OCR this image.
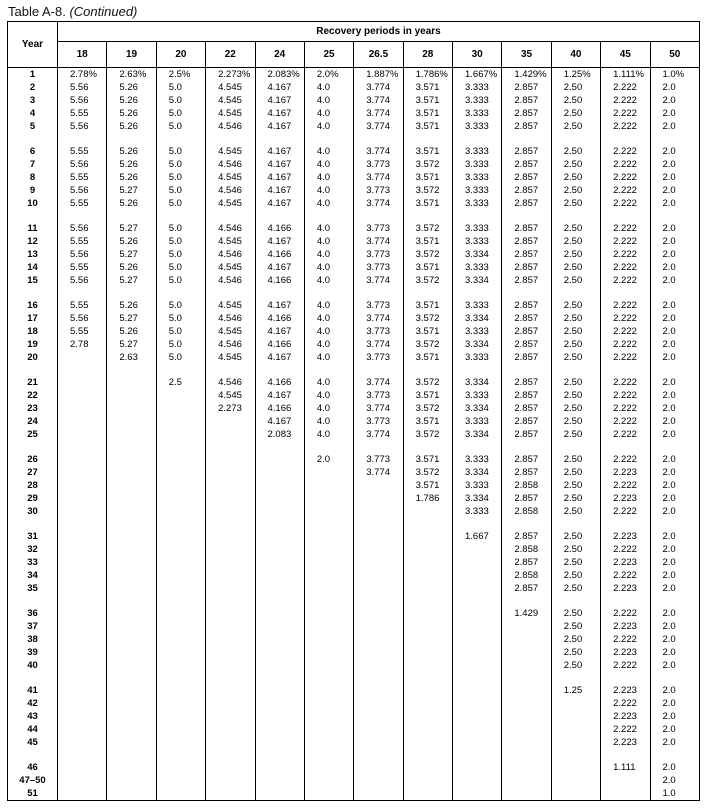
Table A-8. (Continued)
Year	Recovery periods in years												
	18	19	20	22	24	25	26.5	28	30	35	40	45	50
1	2.78%	2.63%	2.5%	2.273%	2.083%	2.0%	1.887%	1.786%	1.667%	1.429%	1.25%	1.111%	1.0%
2	5.56	5.26	5.0	4.545	4.167	4.0	3.774	3.571	3.333	2.857	2.50	2.222	2.0
3	5.56	5.26	5.0	4.545	4.167	4.0	3.774	3.571	3.333	2.857	2.50	2.222	2.0
4	5.55	5.26	5.0	4.545	4.167	4.0	3.774	3.571	3.333	2.857	2.50	2.222	2.0
5	5.56	5.26	5.0	4.546	4.167	4.0	3.774	3.571	3.333	2.857	2.50	2.222	2.0

6	5.55	5.26	5.0	4.545	4.167	4.0	3.774	3.571	3.333	2.857	2.50	2.222	2.0
7	5.56	5.26	5.0	4.546	4.167	4.0	3.773	3.572	3.333	2.857	2.50	2.222	2.0
8	5.55	5.26	5.0	4.545	4.167	4.0	3.774	3.571	3.333	2.857	2.50	2.222	2.0
9	5.56	5.27	5.0	4.546	4.167	4.0	3.773	3.572	3.333	2.857	2.50	2.222	2.0
10	5.55	5.26	5.0	4.545	4.167	4.0	3.774	3.571	3.333	2.857	2.50	2.222	2.0

11	5.56	5.27	5.0	4.546	4.166	4.0	3.773	3.572	3.333	2.857	2.50	2.222	2.0
12	5.55	5.26	5.0	4.545	4.167	4.0	3.774	3.571	3.333	2.857	2.50	2.222	2.0
13	5.56	5.27	5.0	4.546	4.166	4.0	3.773	3.572	3.334	2.857	2.50	2.222	2.0
14	5.55	5.26	5.0	4.545	4.167	4.0	3.773	3.571	3.333	2.857	2.50	2.222	2.0
15	5.56	5.27	5.0	4.546	4.166	4.0	3.774	3.572	3.334	2.857	2.50	2.222	2.0

16	5.55	5.26	5.0	4.545	4.167	4.0	3.773	3.571	3.333	2.857	2.50	2.222	2.0
17	5.56	5.27	5.0	4.546	4.166	4.0	3.774	3.572	3.334	2.857	2.50	2.222	2.0
18	5.55	5.26	5.0	4.545	4.167	4.0	3.773	3.571	3.333	2.857	2.50	2.222	2.0
19	2.78	5.27	5.0	4.546	4.166	4.0	3.774	3.572	3.334	2.857	2.50	2.222	2.0
20		2.63	5.0	4.545	4.167	4.0	3.773	3.571	3.333	2.857	2.50	2.222	2.0

21			2.5	4.546	4.166	4.0	3.774	3.572	3.334	2.857	2.50	2.222	2.0
22				4.545	4.167	4.0	3.773	3.571	3.333	2.857	2.50	2.222	2.0
23				2.273	4.166	4.0	3.774	3.572	3.334	2.857	2.50	2.222	2.0
24					4.167	4.0	3.773	3.571	3.333	2.857	2.50	2.222	2.0
25					2.083	4.0	3.774	3.572	3.334	2.857	2.50	2.222	2.0

26						2.0	3.773	3.571	3.333	2.857	2.50	2.222	2.0
27							3.774	3.572	3.334	2.857	2.50	2.223	2.0
28								3.571	3.333	2.858	2.50	2.222	2.0
29								1.786	3.334	2.857	2.50	2.223	2.0
30									3.333	2.858	2.50	2.222	2.0

31									1.667	2.857	2.50	2.223	2.0
32										2.858	2.50	2.222	2.0
33										2.857	2.50	2.223	2.0
34										2.858	2.50	2.222	2.0
35										2.857	2.50	2.223	2.0

36										1.429	2.50	2.222	2.0
37											2.50	2.223	2.0
38											2.50	2.222	2.0
39											2.50	2.223	2.0
40											2.50	2.222	2.0

41											1.25	2.223	2.0
42												2.222	2.0
43												2.223	2.0
44												2.222	2.0
45												2.223	2.0

46												1.111	2.0
47–50													2.0
51													1.0
